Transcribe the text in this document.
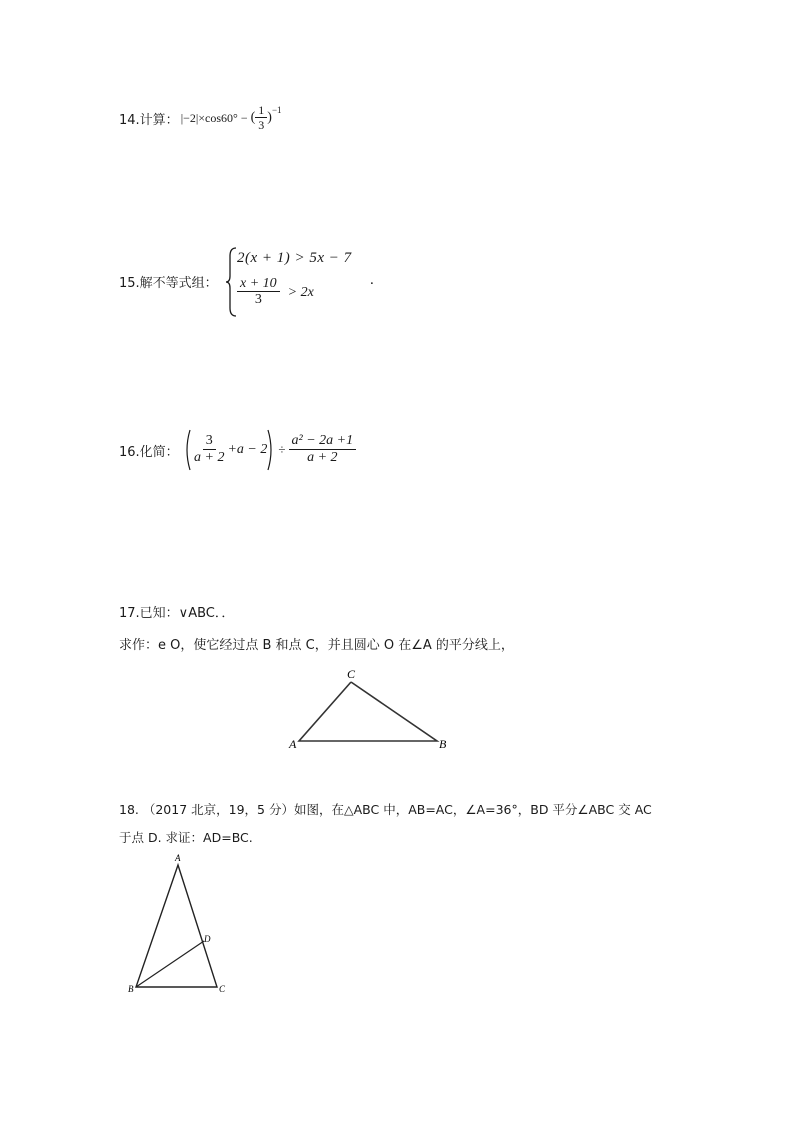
14.计算： |−2|×cos60° − ( $\frac{1}{3} )^{-1}$
15.解不等式组：
2(x + 1) > 5x − 7
$\frac{x + 10}{3} > 2x$
.
16.化简： $\frac{3}{a + 2} +a - 2 \div \frac{\text{a² − 2a +1}}{a + 2}$
17.已知：∨ABC．．
求作：e O，使它经过点 B 和点 C，并且圆心 O 在∠A 的平分线上，
C
A	B
18. （2017 北京，19，5 分）如图，在△ABC 中，AB=AC，∠A=36°，BD 平分∠ABC 交 AC
于点 D. 求证：AD=BC.
A
D
B	C
